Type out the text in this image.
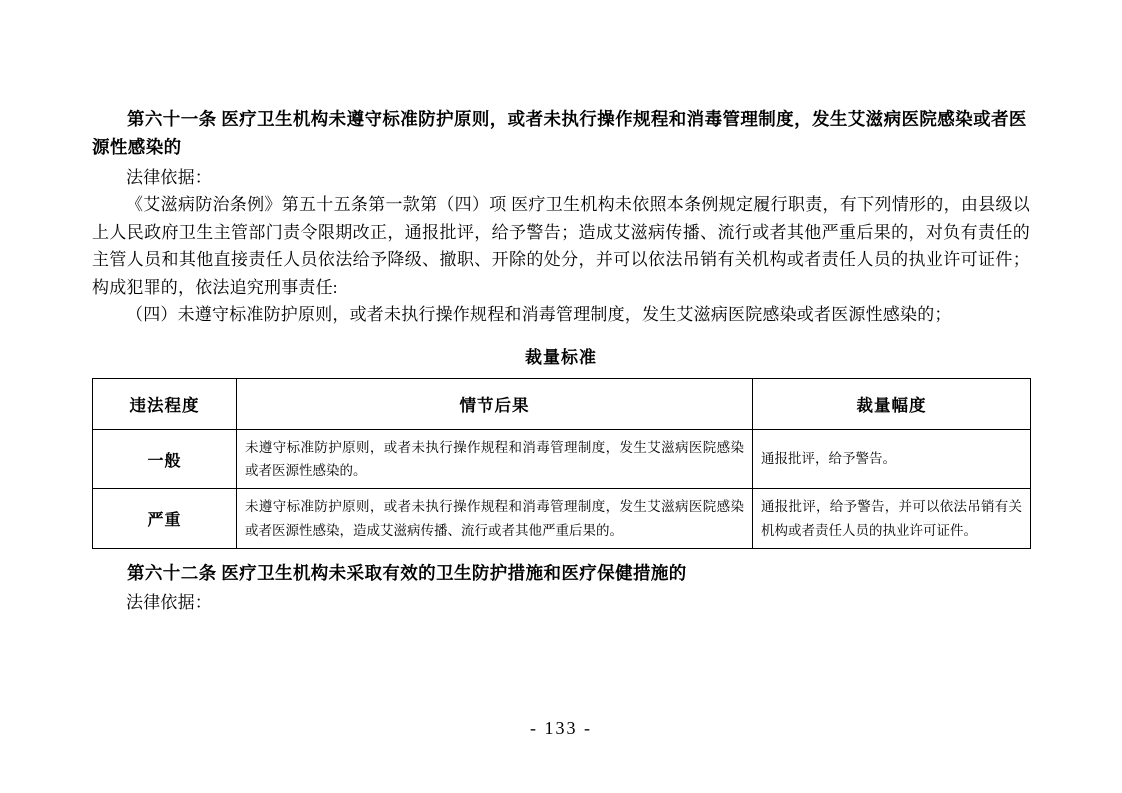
第六十一条 医疗卫生机构未遵守标准防护原则，或者未执行操作规程和消毒管理制度，发生艾滋病医院感染或者医源性感染的

法律依据：

《艾滋病防治条例》第五十五条第一款第（四）项 医疗卫生机构未依照本条例规定履行职责，有下列情形的，由县级以上人民政府卫生主管部门责令限期改正，通报批评，给予警告；造成艾滋病传播、流行或者其他严重后果的，对负有责任的主管人员和其他直接责任人员依法给予降级、撤职、开除的处分，并可以依法吊销有关机构或者责任人员的执业许可证件；构成犯罪的，依法追究刑事责任:

（四）未遵守标准防护原则，或者未执行操作规程和消毒管理制度，发生艾滋病医院感染或者医源性感染的；

裁量标准
违法程度	情节后果	裁量幅度
一般	未遵守标准防护原则，或者未执行操作规程和消毒管理制度，发生艾滋病医院感染或者医源性感染的。	通报批评，给予警告。
严重	未遵守标准防护原则，或者未执行操作规程和消毒管理制度，发生艾滋病医院感染或者医源性感染，造成艾滋病传播、流行或者其他严重后果的。	通报批评，给予警告，并可以依法吊销有关机构或者责任人员的执业许可证件。

第六十二条 医疗卫生机构未采取有效的卫生防护措施和医疗保健措施的

法律依据：

- 133 -
